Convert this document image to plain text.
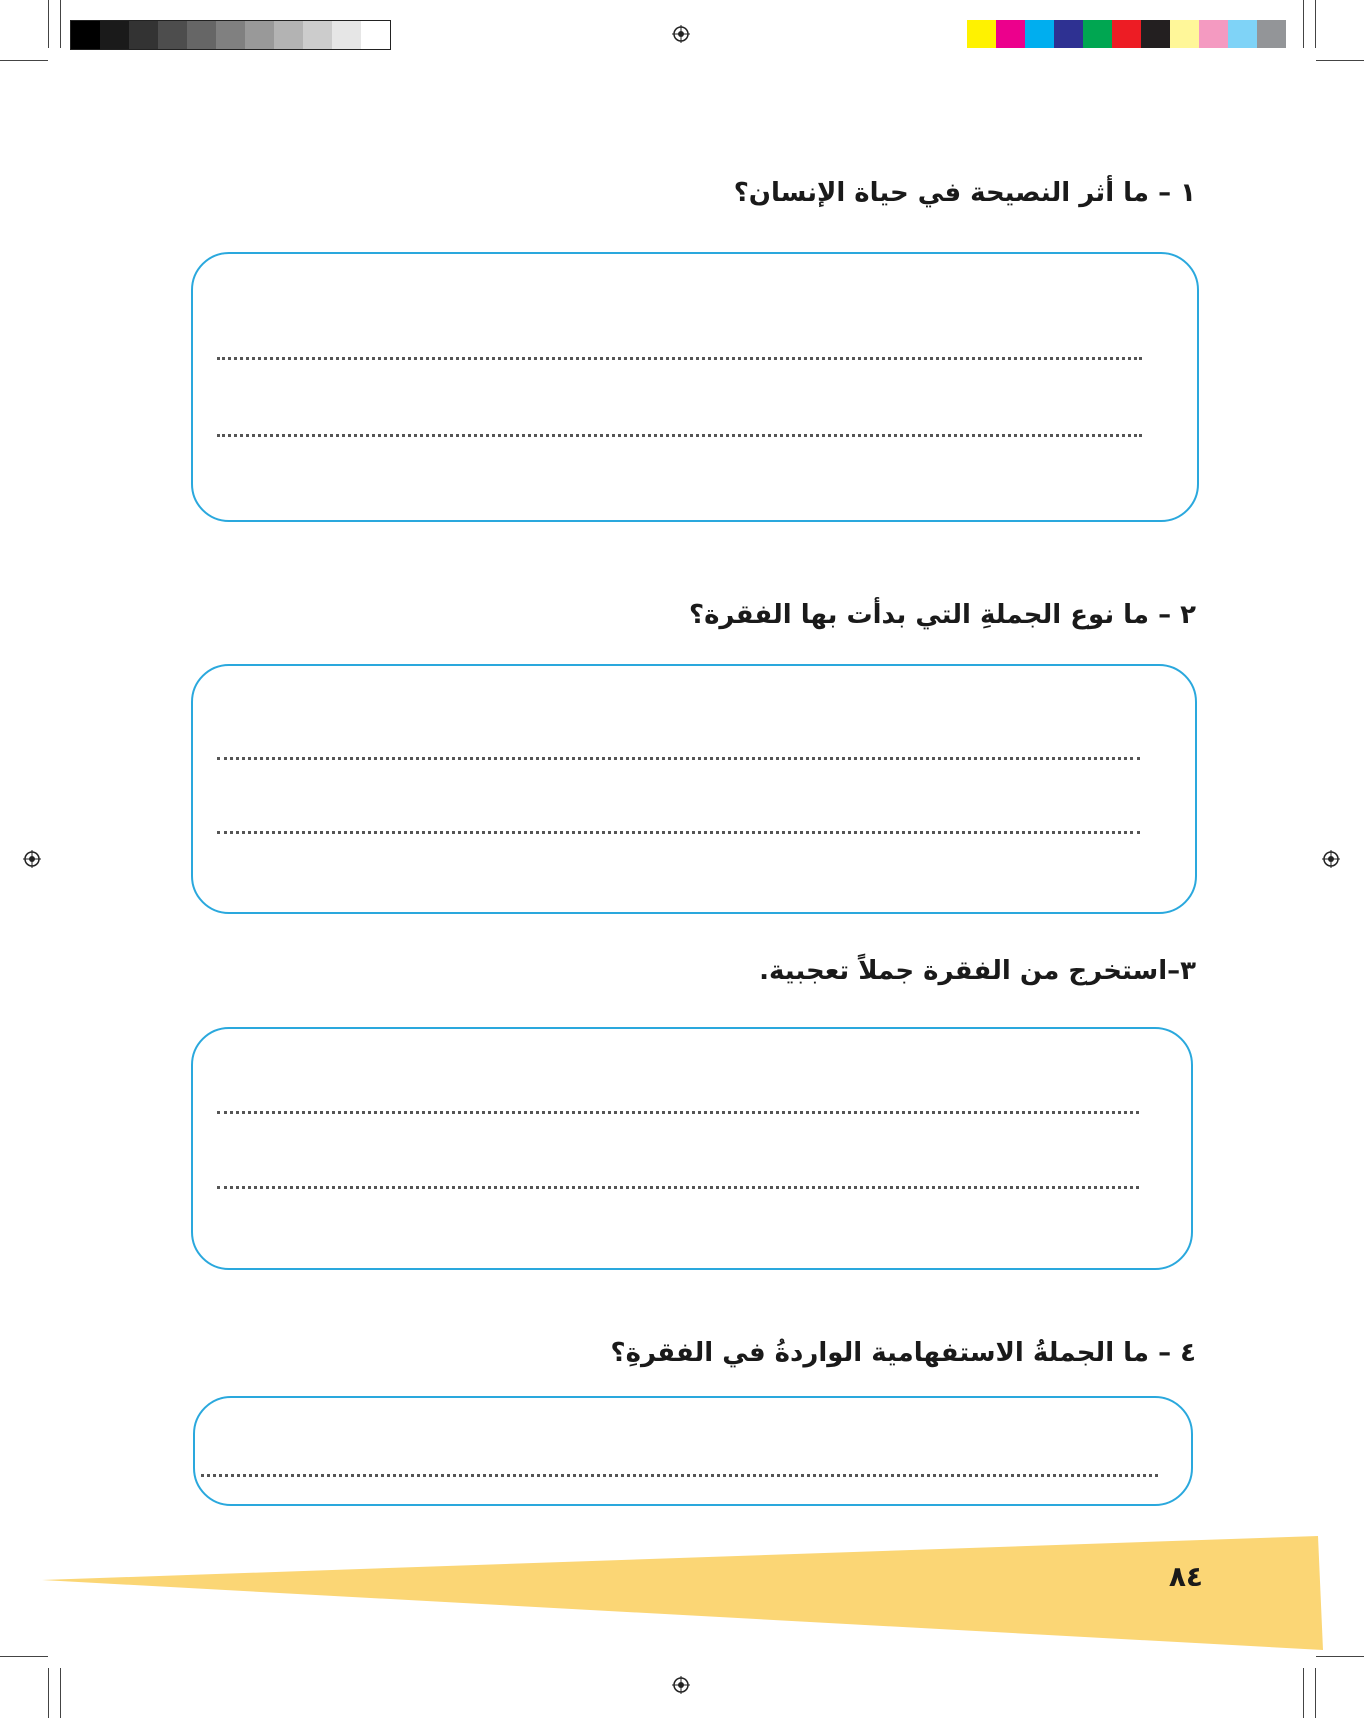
١ – ما أثر النصيحة في حياة الإنسان؟
٢ – ما نوع الجملةِ التي بدأت بها الفقرة؟
٣–استخرج من الفقرة جملاً تعجبية.
٤ – ما الجملةُ الاستفهامية الواردةُ في الفقرةِ؟
٨٤
